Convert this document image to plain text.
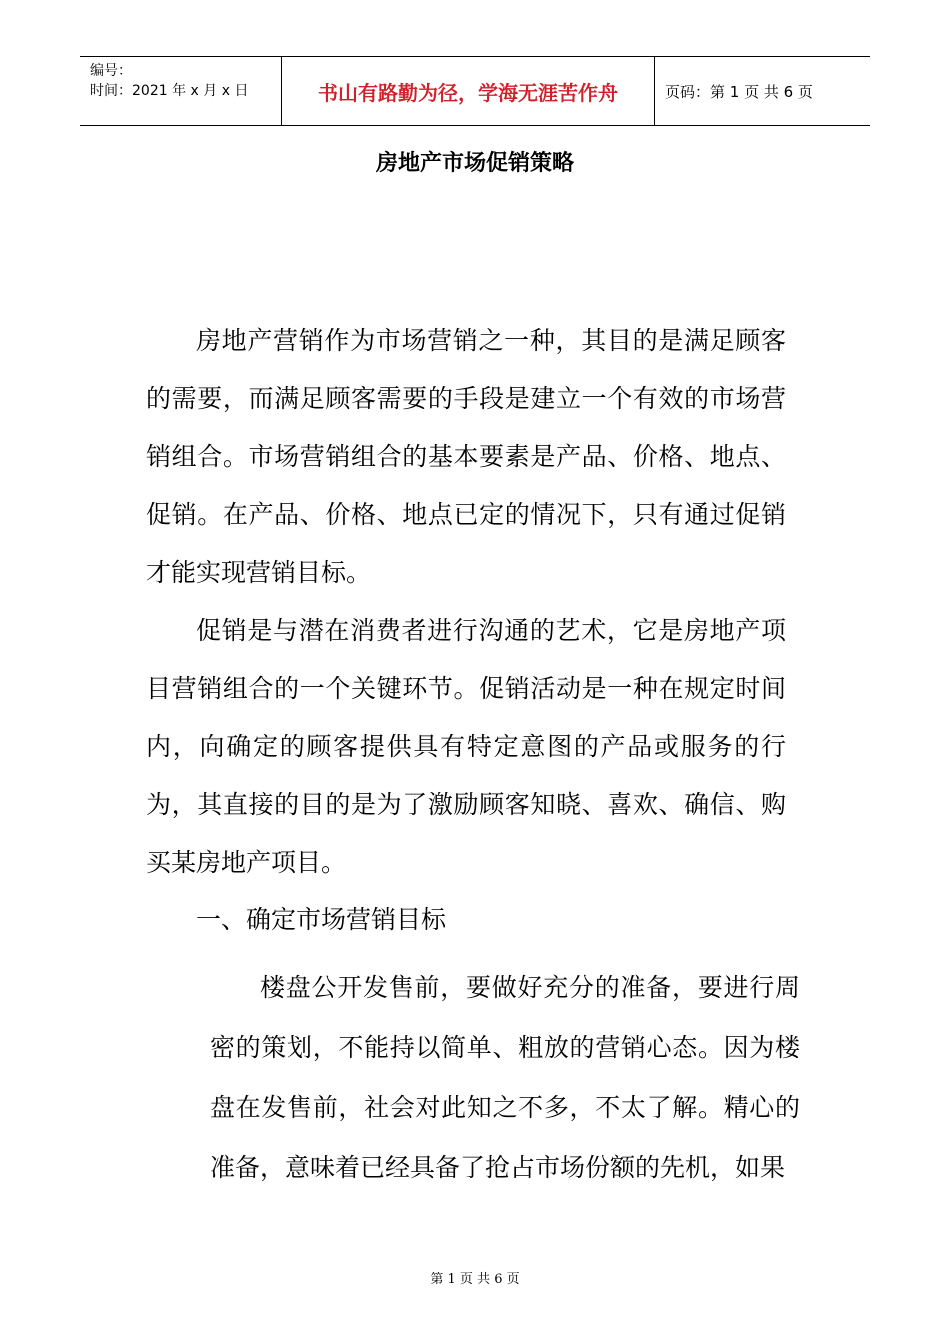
编号：
时间：2021 年 x 月 x 日	书山有路勤为径，学海无涯苦作舟	页码：第 1 页 共 6 页
房地产市场促销策略

房地产营销作为市场营销之一种，其目的是满足顾客的需要，而满足顾客需要的手段是建立一个有效的市场营销组合。市场营销组合的基本要素是产品、价格、地点、促销。在产品、价格、地点已定的情况下，只有通过促销才能实现营销目标。

促销是与潜在消费者进行沟通的艺术，它是房地产项目营销组合的一个关键环节。促销活动是一种在规定时间内，向确定的顾客提供具有特定意图的产品或服务的行为，其直接的目的是为了激励顾客知晓、喜欢、确信、购买某房地产项目。

一、确定市场营销目标

楼盘公开发售前，要做好充分的准备，要进行周密的策划，不能持以简单、粗放的营销心态。因为楼盘在发售前，社会对此知之不多，不太了解。精心的准备，意味着已经具备了抢占市场份额的先机，如果

第 1 页 共 6 页
